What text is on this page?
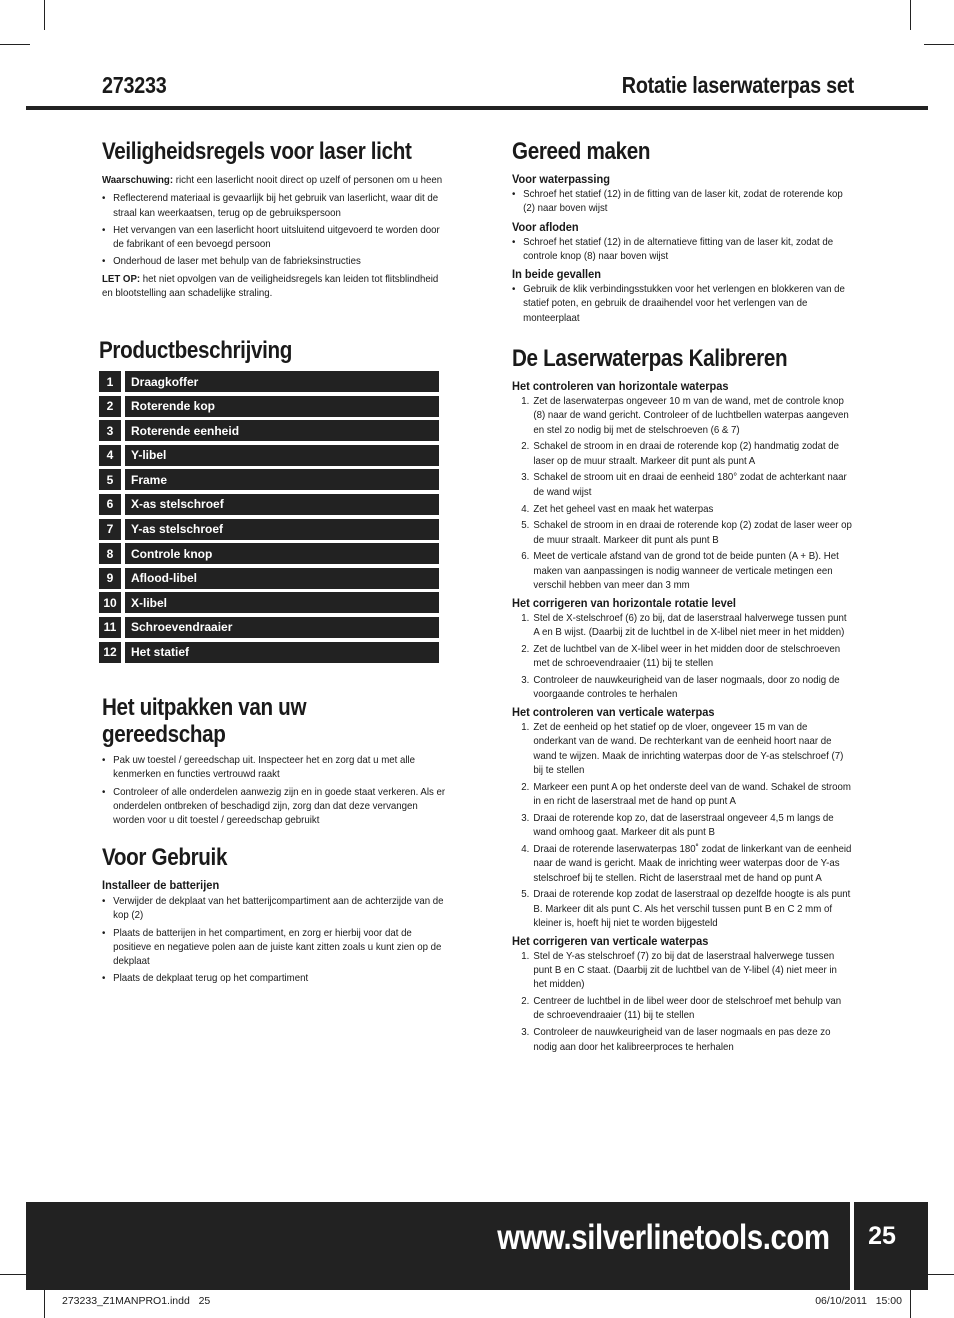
273233	Rotatie laserwaterpas set
Veiligheidsregels voor laser licht

Waarschuwing: richt een laserlicht nooit direct op uzelf of personen om u heen

• Reflecterend materiaal is gevaarlijk bij het gebruik van laserlicht, waar dit de straal kan weerkaatsen, terug op de gebruikspersoon
• Het vervangen van een laserlicht hoort uitsluitend uitgevoerd te worden door de fabrikant of een bevoegd persoon
• Onderhoud de laser met behulp van de fabrieksinstructies

LET OP: het niet opvolgen van de veiligheidsregels kan leiden tot flitsblindheid en blootstelling aan schadelijke straling.

Productbeschrijving
1	Draagkoffer
2	Roterende kop
3	Roterende eenheid
4	Y-libel
5	Frame
6	X-as stelschroef
7	Y-as stelschroef
8	Controle knop
9	Aflood-libel
10	X-libel
11	Schroevendraaier
12	Het statief
Het uitpakken van uw gereedschap
• Pak uw toestel / gereedschap uit. Inspecteer het en zorg dat u met alle kenmerken en functies vertrouwd raakt
• Controleer of alle onderdelen aanwezig zijn en in goede staat verkeren. Als er onderdelen ontbreken of beschadigd zijn, zorg dan dat deze vervangen worden voor u dit toestel / gereedschap gebruikt
Voor Gebruik

Installeer de batterijen

• Verwijder de dekplaat van het batterijcompartiment aan de achterzijde van de kop (2)
• Plaats de batterijen in het compartiment, en zorg er hierbij voor dat de positieve en negatieve polen aan de juiste kant zitten zoals u kunt zien op de dekplaat
• Plaats de dekplaat terug op het compartiment
Gereed maken

Voor waterpassing

• Schroef het statief (12) in de fitting van de laser kit, zodat de roterende kop (2) naar boven wijst

Voor afloden

• Schroef het statief (12) in de alternatieve fitting van de laser kit, zodat de controle knop (8) naar boven wijst

In beide gevallen

• Gebruik de klik verbindingsstukken voor het verlengen en blokkeren van de statief poten, en gebruik de draaihendel voor het verlengen van de monteerplaat
De Laserwaterpas Kalibreren

Het controleren van horizontale waterpas

1. Zet de laserwaterpas ongeveer 10 m van de wand, met de controle knop (8) naar de wand gericht. Controleer of de luchtbellen waterpas aangeven en stel zo nodig bij met de stelschroeven (6 & 7)
2. Schakel de stroom in en draai de roterende kop (2) handmatig zodat de laser op de muur straalt. Markeer dit punt als punt A
3. Schakel de stroom uit en draai de eenheid 180° zodat de achterkant naar de wand wijst
4. Zet het geheel vast en maak het waterpas
5. Schakel de stroom in en draai de roterende kop (2) zodat de laser weer op de muur straalt. Markeer dit punt als punt B
6. Meet de verticale afstand van de grond tot de beide punten (A + B). Het maken van aanpassingen is nodig wanneer de verticale metingen een verschil hebben van meer dan 3 mm

Het corrigeren van horizontale rotatie level

1. Stel de X-stelschroef (6) zo bij, dat de laserstraal halverwege tussen punt A en B wijst. (Daarbij zit de luchtbel in de X-libel niet meer in het midden)
2. Zet de luchtbel van de X-libel weer in het midden door de stelschroeven met de schroevendraaier (11) bij te stellen
3. Controleer de nauwkeurigheid van de laser nogmaals, door zo nodig de voorgaande controles te herhalen

Het controleren van verticale waterpas

1. Zet de eenheid op het statief op de vloer, ongeveer 15 m van de onderkant van de wand. De rechterkant van de eenheid hoort naar de wand te wijzen. Maak de inrichting waterpas door de Y-as stelschroef (7) bij te stellen
2. Markeer een punt A op het onderste deel van de wand. Schakel de stroom in en richt de laserstraal met de hand op punt A
3. Draai de roterende kop zo, dat de laserstraal ongeveer 4,5 m langs de wand omhoog gaat. Markeer dit als punt B
4. Draai de roterende laserwaterpas 180˚ zodat de linkerkant van de eenheid naar de wand is gericht. Maak de inrichting weer waterpas door de Y-as stelschroef bij te stellen. Richt de laserstraal met de hand op punt A
5. Draai de roterende kop zodat de laserstraal op dezelfde hoogte is als punt B. Markeer dit als punt C. Als het verschil tussen punt B en C 2 mm of kleiner is, hoeft hij niet te worden bijgesteld

Het corrigeren van verticale waterpas

1. Stel de Y-as stelschroef (7) zo bij dat de laserstraal halverwege tussen punt B en C staat. (Daarbij zit de luchtbel van de Y-libel (4) niet meer in het midden)
2. Centreer de luchtbel in de libel weer door de stelschroef met behulp van de schroevendraaier (11) bij te stellen
3. Controleer de nauwkeurigheid van de laser nogmaals en pas deze zo nodig aan door het kalibreerproces te herhalen
www.silverlinetools.com	25
273233_Z1MANPRO1.indd   25	06/10/2011   15:00
